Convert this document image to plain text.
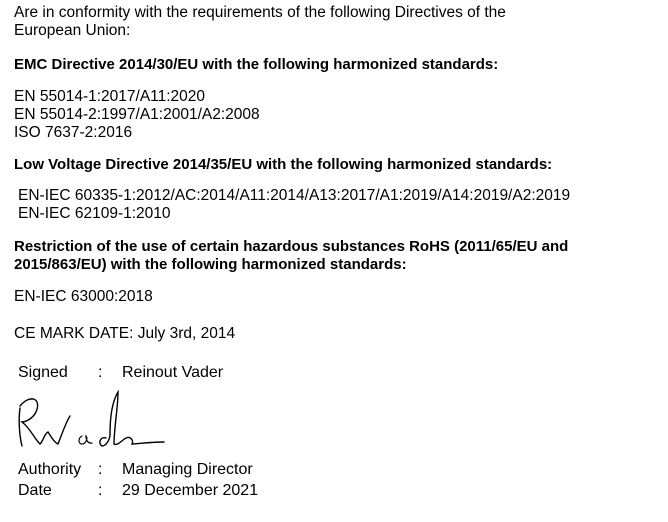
Are in conformity with the requirements of the following Directives of the
European Union:
EMC Directive 2014/30/EU with the following harmonized standards:
EN 55014-1:2017/A11:2020
EN 55014-2:1997/A1:2001/A2:2008
ISO 7637-2:2016
Low Voltage Directive 2014/35/EU with the following harmonized standards:
EN-IEC 60335-1:2012/AC:2014/A11:2014/A13:2017/A1:2019/A14:2019/A2:2019
EN-IEC 62109-1:2010
Restriction of the use of certain hazardous substances RoHS (2011/65/EU and
2015/863/EU) with the following harmonized standards:
EN-IEC 63000:2018
CE MARK DATE: July 3rd, 2014
Signed : Reinout Vader
Authority : Managing Director
Date	: 29 December 2021
